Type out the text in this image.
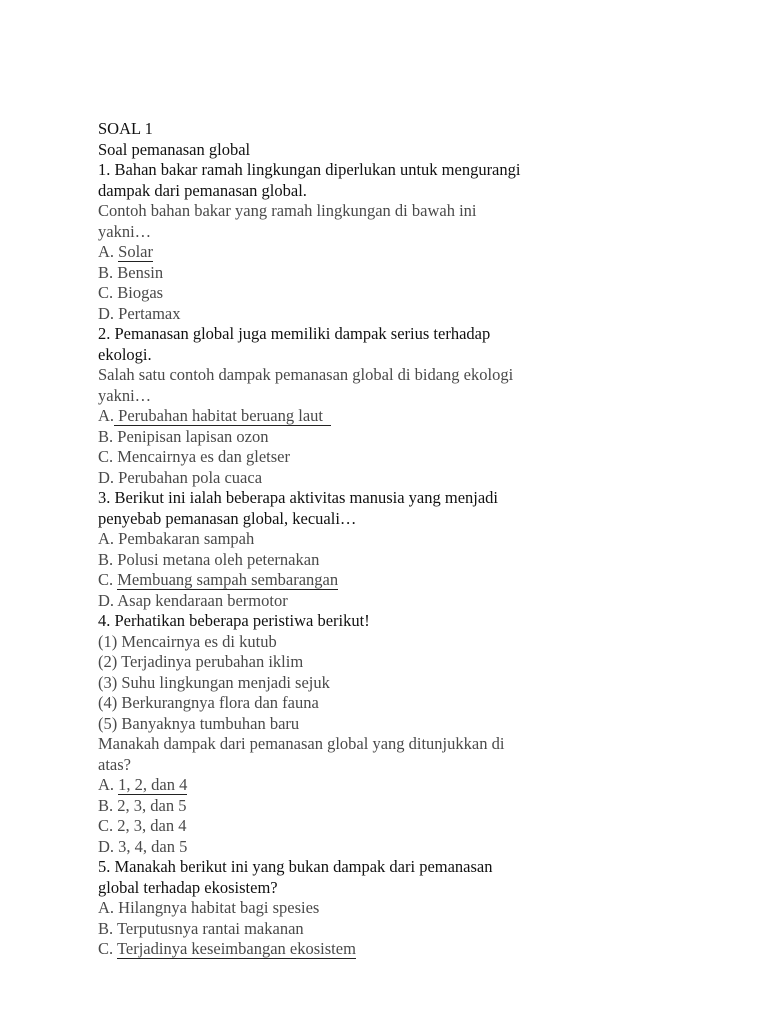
SOAL 1
Soal pemanasan global
1. Bahan bakar ramah lingkungan diperlukan untuk mengurangi
dampak dari pemanasan global.
Contoh bahan bakar yang ramah lingkungan di bawah ini
yakni…
A. Solar
B. Bensin
C. Biogas
D. Pertamax
2. Pemanasan global juga memiliki dampak serius terhadap
ekologi.
Salah satu contoh dampak pemanasan global di bidang ekologi
yakni…
A. Perubahan habitat beruang laut
B. Penipisan lapisan ozon
C. Mencairnya es dan gletser
D. Perubahan pola cuaca
3. Berikut ini ialah beberapa aktivitas manusia yang menjadi
penyebab pemanasan global, kecuali…
A. Pembakaran sampah
B. Polusi metana oleh peternakan
C. Membuang sampah sembarangan
D. Asap kendaraan bermotor
4. Perhatikan beberapa peristiwa berikut!
(1) Mencairnya es di kutub
(2) Terjadinya perubahan iklim
(3) Suhu lingkungan menjadi sejuk
(4) Berkurangnya flora dan fauna
(5) Banyaknya tumbuhan baru
Manakah dampak dari pemanasan global yang ditunjukkan di
atas?
A. 1, 2, dan 4
B. 2, 3, dan 5
C. 2, 3, dan 4
D. 3, 4, dan 5
5. Manakah berikut ini yang bukan dampak dari pemanasan
global terhadap ekosistem?
A. Hilangnya habitat bagi spesies
B. Terputusnya rantai makanan
C. Terjadinya keseimbangan ekosistem
